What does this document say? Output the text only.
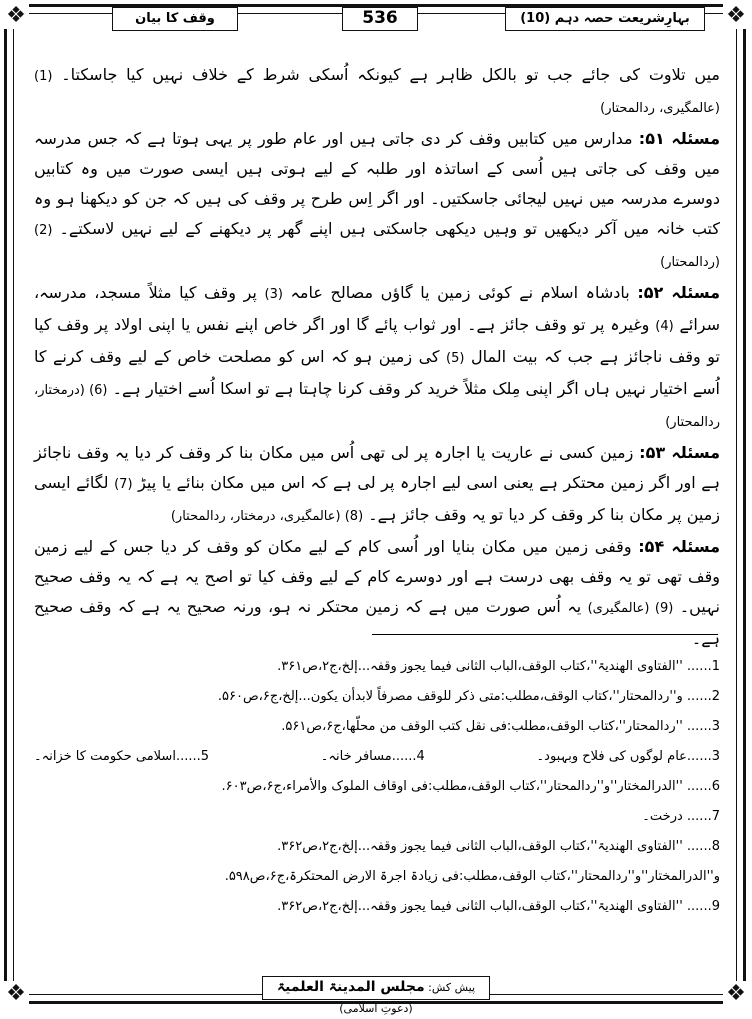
❖	❖
❖	❖
وقف کا بیان	536	بہارِشریعت حصہ دہم (10)

میں تلاوت کی جائے جب تو بالکل ظاہر ہے کیونکہ اُسکی شرط کے خلاف نہیں کیا جاسکتا۔ (1) (عالمگیری، ردالمحتار)

مسئلہ ۵۱: مدارس میں کتابیں وقف کر دی جاتی ہیں اور عام طور پر یہی ہوتا ہے کہ جس مدرسہ میں وقف کی جاتی ہیں اُسی کے اساتذہ اور طلبہ کے لیے ہوتی ہیں ایسی صورت میں وہ کتابیں دوسرے مدرسہ میں نہیں لیجائی جاسکتیں۔ اور اگر اِس طرح پر وقف کی ہیں کہ جن کو دیکھنا ہو وہ کتب خانہ میں آکر دیکھیں تو وہیں دیکھی جاسکتی ہیں اپنے گھر پر دیکھنے کے لیے نہیں لاسکتے۔ (2) (ردالمحتار)

مسئلہ ۵۲: بادشاہ اسلام نے کوئی زمین یا گاؤں مصالح عامہ (3) پر وقف کیا مثلاً مسجد، مدرسہ، سرائے (4) وغیرہ پر تو وقف جائز ہے۔ اور ثواب پائے گا اور اگر خاص اپنے نفس یا اپنی اولاد پر وقف کیا تو وقف ناجائز ہے جب کہ بیت المال (5) کی زمین ہو کہ اس کو مصلحت خاص کے لیے وقف کرنے کا اُسے اختیار نہیں ہاں اگر اپنی مِلک مثلاً خرید کر وقف کرنا چاہتا ہے تو اسکا اُسے اختیار ہے۔ (6) (درمختار، ردالمحتار)

مسئلہ ۵۳: زمین کسی نے عاریت یا اجارہ پر لی تھی اُس میں مکان بنا کر وقف کر دیا یہ وقف ناجائز ہے اور اگر زمین محتکر ہے یعنی اسی لیے اجارہ پر لی ہے کہ اس میں مکان بنائے یا پیڑ (7) لگائے ایسی زمین پر مکان بنا کر وقف کر دیا تو یہ وقف جائز ہے۔ (8) (عالمگیری، درمختار، ردالمحتار)

مسئلہ ۵۴: وقفی زمین میں مکان بنایا اور اُسی کام کے لیے مکان کو وقف کر دیا جس کے لیے زمین وقف تھی تو یہ وقف بھی درست ہے اور دوسرے کام کے لیے وقف کیا تو اصح یہ ہے کہ یہ وقف صحیح نہیں۔ (9) (عالمگیری) یہ اُس صورت میں ہے کہ زمین محتکر نہ ہو، ورنہ صحیح یہ ہے کہ وقف صحیح ہے۔

1...... ''الفتاوی الھندیۃ''،کتاب الوقف،الباب الثانی فیما یجوز وقفہ...إلخ،ج۲،ص۳۶۱.
2...... و''ردالمحتار''،کتاب الوقف،مطلب:متی ذکر للوقف مصرفاً لابدأن یکون...إلخ،ج۶،ص۵۶۰.
3...... ''ردالمحتار''،کتاب الوقف،مطلب:فی نقل کتب الوقف من محلّھا،ج۶،ص۵۶۱.
3......عام لوگوں کی فلاح وبہبود۔
4......مسافر خانہ۔
5......اسلامی حکومت کا خزانہ۔
6...... ''الدرالمختار''و''ردالمحتار''،کتاب الوقف،مطلب:فی اوقاف الملوک والأمراء،ج۶،ص۶۰۳.
7...... درخت۔
8...... ''الفتاوی الھندیۃ''،کتاب الوقف،الباب الثانی فیما یجوز وقفہ...إلخ،ج۲،ص۳۶۲.
و''الدرالمختار''و''ردالمحتار''،کتاب الوقف،مطلب:فی زیادۃ اجرۃ الارض المحتکرۃ،ج۶،ص۵۹۸.
9...... ''الفتاوی الھندیۃ''،کتاب الوقف،الباب الثانی فیما یجوز وقفہ...إلخ،ج۲،ص۳۶۲.
پیش کش: مجلس المدینۃ العلمیۃ (دعوتِ اسلامی)
